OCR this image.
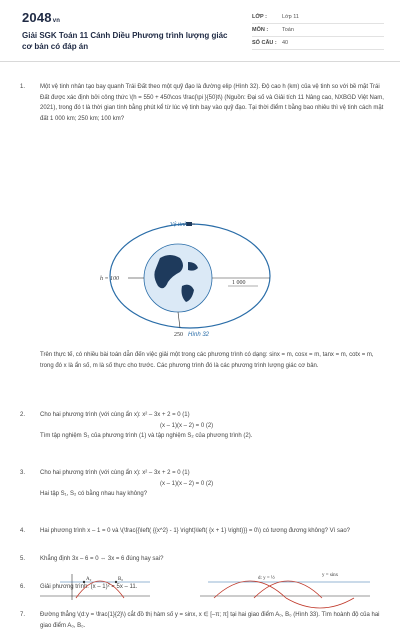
2048vn
Giải SGK Toán 11 Cánh Diều Phương trình lượng giác cơ bản có đáp án
LỚP :	Lớp 11
MÔN :	Toán
SỐ CÂU : 40
1. Một vệ tinh nhân tạo bay quanh Trái Đất theo một quỹ đạo là đường elip (Hình 32). Độ cao h (km) của vệ tinh so với bề mặt Trái Đất được xác định bởi công thức \(h = 550 + 450\cos \frac{\pi }{50}t\) (Nguồn: Đại số và Giải tích 11 Nâng cao, NXBGD Việt Nam, 2021), trong đó t là thời gian tính bằng phút kể từ lúc vệ tinh bay vào quỹ đạo. Tại thời điểm t bằng bao nhiêu thì vệ tinh cách mặt đất 1 000 km; 250 km; 100 km?
Vệ tinh
h = 100
1 000
250 Hình 32
Trên thực tế, có nhiều bài toán dẫn đến việc giải một trong các phương trình có dạng: sinx = m, cosx = m, tanx = m, cotx = m, trong đó x là ẩn số, m là số thực cho trước. Các phương trình đó là các phương trình lượng giác cơ bản.
2. Cho hai phương trình (với cùng ẩn x): x² – 3x + 2 = 0 (1)
(x – 1)(x – 2) = 0 (2)
Tìm tập nghiệm S₁ của phương trình (1) và tập nghiệm S₂ của phương trình (2).
3. Cho hai phương trình (với cùng ẩn x): x² – 3x + 2 = 0 (1)
(x – 1)(x – 2) = 0 (2)
Hai tập S₁, S₂ có bằng nhau hay không?
4. Hai phương trình x – 1 = 0 và \(\frac{{\left( {{x^2} - 1} \right)\left( {x + 1} \right)}} = 0\) có tương đương không? Vì sao?
5. Khẳng định 3x – 6 = 0 ⇔ 3x = 6 đúng hay sai?
6. Giải phương trình: (x – 1)² = 5x – 11.
7. Đường thẳng \(d:y = \frac{1}{2}\) cắt đồ thị hàm số y = sinx, x ∈ [–π; π] tại hai giao điểm A₀, B₀ (Hình 33). Tìm hoành độ của hai giao điểm A₀, B₀.
A₀	B₀	d: y = ½
y = sinx
